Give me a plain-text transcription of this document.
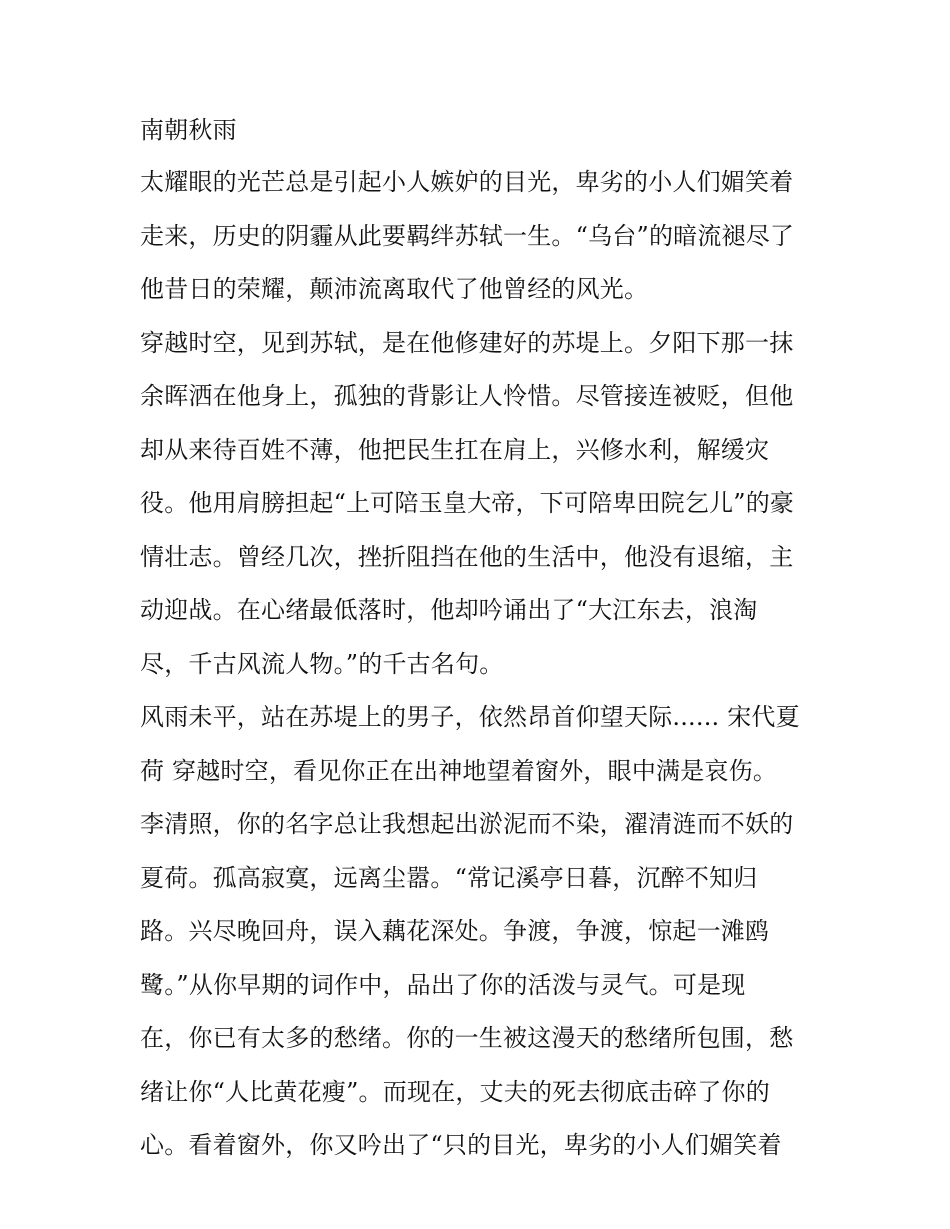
南朝秋雨
太耀眼的光芒总是引起小人嫉妒的目光，卑劣的小人们媚笑着
走来，历史的阴霾从此要羁绊苏轼一生。“乌台”的暗流褪尽了
他昔日的荣耀，颠沛流离取代了他曾经的风光。
穿越时空，见到苏轼，是在他修建好的苏堤上。夕阳下那一抹
余晖洒在他身上，孤独的背影让人怜惜。尽管接连被贬，但他
却从来待百姓不薄，他把民生扛在肩上，兴修水利，解缓灾
役。他用肩膀担起“上可陪玉皇大帝，下可陪卑田院乞儿”的豪
情壮志。曾经几次，挫折阻挡在他的生活中，他没有退缩，主
动迎战。在心绪最低落时，他却吟诵出了“大江东去，浪淘
尽，千古风流人物。”的千古名句。
风雨未平，站在苏堤上的男子，依然昂首仰望天际...... 宋代夏
荷 穿越时空，看见你正在出神地望着窗外，眼中满是哀伤。
李清照，你的名字总让我想起出淤泥而不染，濯清涟而不妖的
夏荷。孤高寂寞，远离尘嚣。“常记溪亭日暮，沉醉不知归
路。兴尽晚回舟，误入藕花深处。争渡，争渡，惊起一滩鸥
鹭。”从你早期的词作中，品出了你的活泼与灵气。可是现
在，你已有太多的愁绪。你的一生被这漫天的愁绪所包围，愁
绪让你“人比黄花瘦”。而现在，丈夫的死去彻底击碎了你的
心。看着窗外，你又吟出了“只的目光，卑劣的小人们媚笑着
